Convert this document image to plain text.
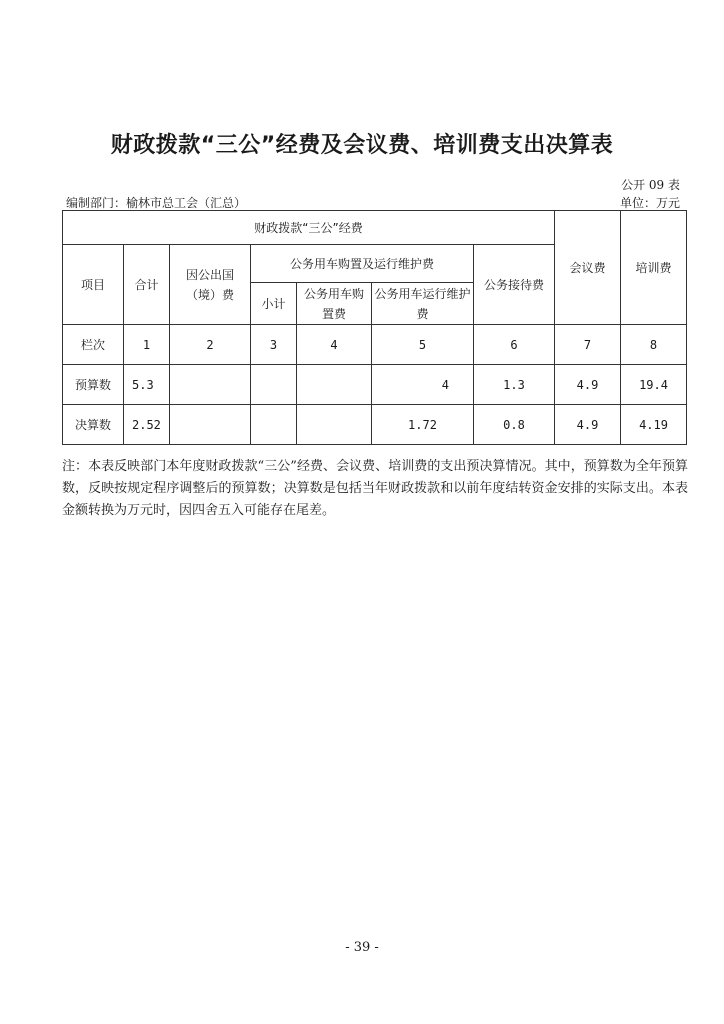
财政拨款“三公”经费及会议费、培训费支出决算表
公开 09 表
编制部门：榆林市总工会（汇总）	单位：万元
财政拨款“三公”经费							会议费	培训费
项目	合计	因公出国（境）费	公务用车购置及运行维护费			公务接待费		
			小计	公务用车购置费	公务用车运行维护费			
栏次	1	2	3	4	5	6	7	8
预算数	5.3				4	1.3	4.9	19.4
决算数	2.52				1.72	0.8	4.9	4.19
注：本表反映部门本年度财政拨款“三公”经费、会议费、培训费的支出预决算情况。其中，预算数为全年预算数，反映按规定程序调整后的预算数；决算数是包括当年财政拨款和以前年度结转资金安排的实际支出。本表金额转换为万元时，因四舍五入可能存在尾差。
- 39 -
